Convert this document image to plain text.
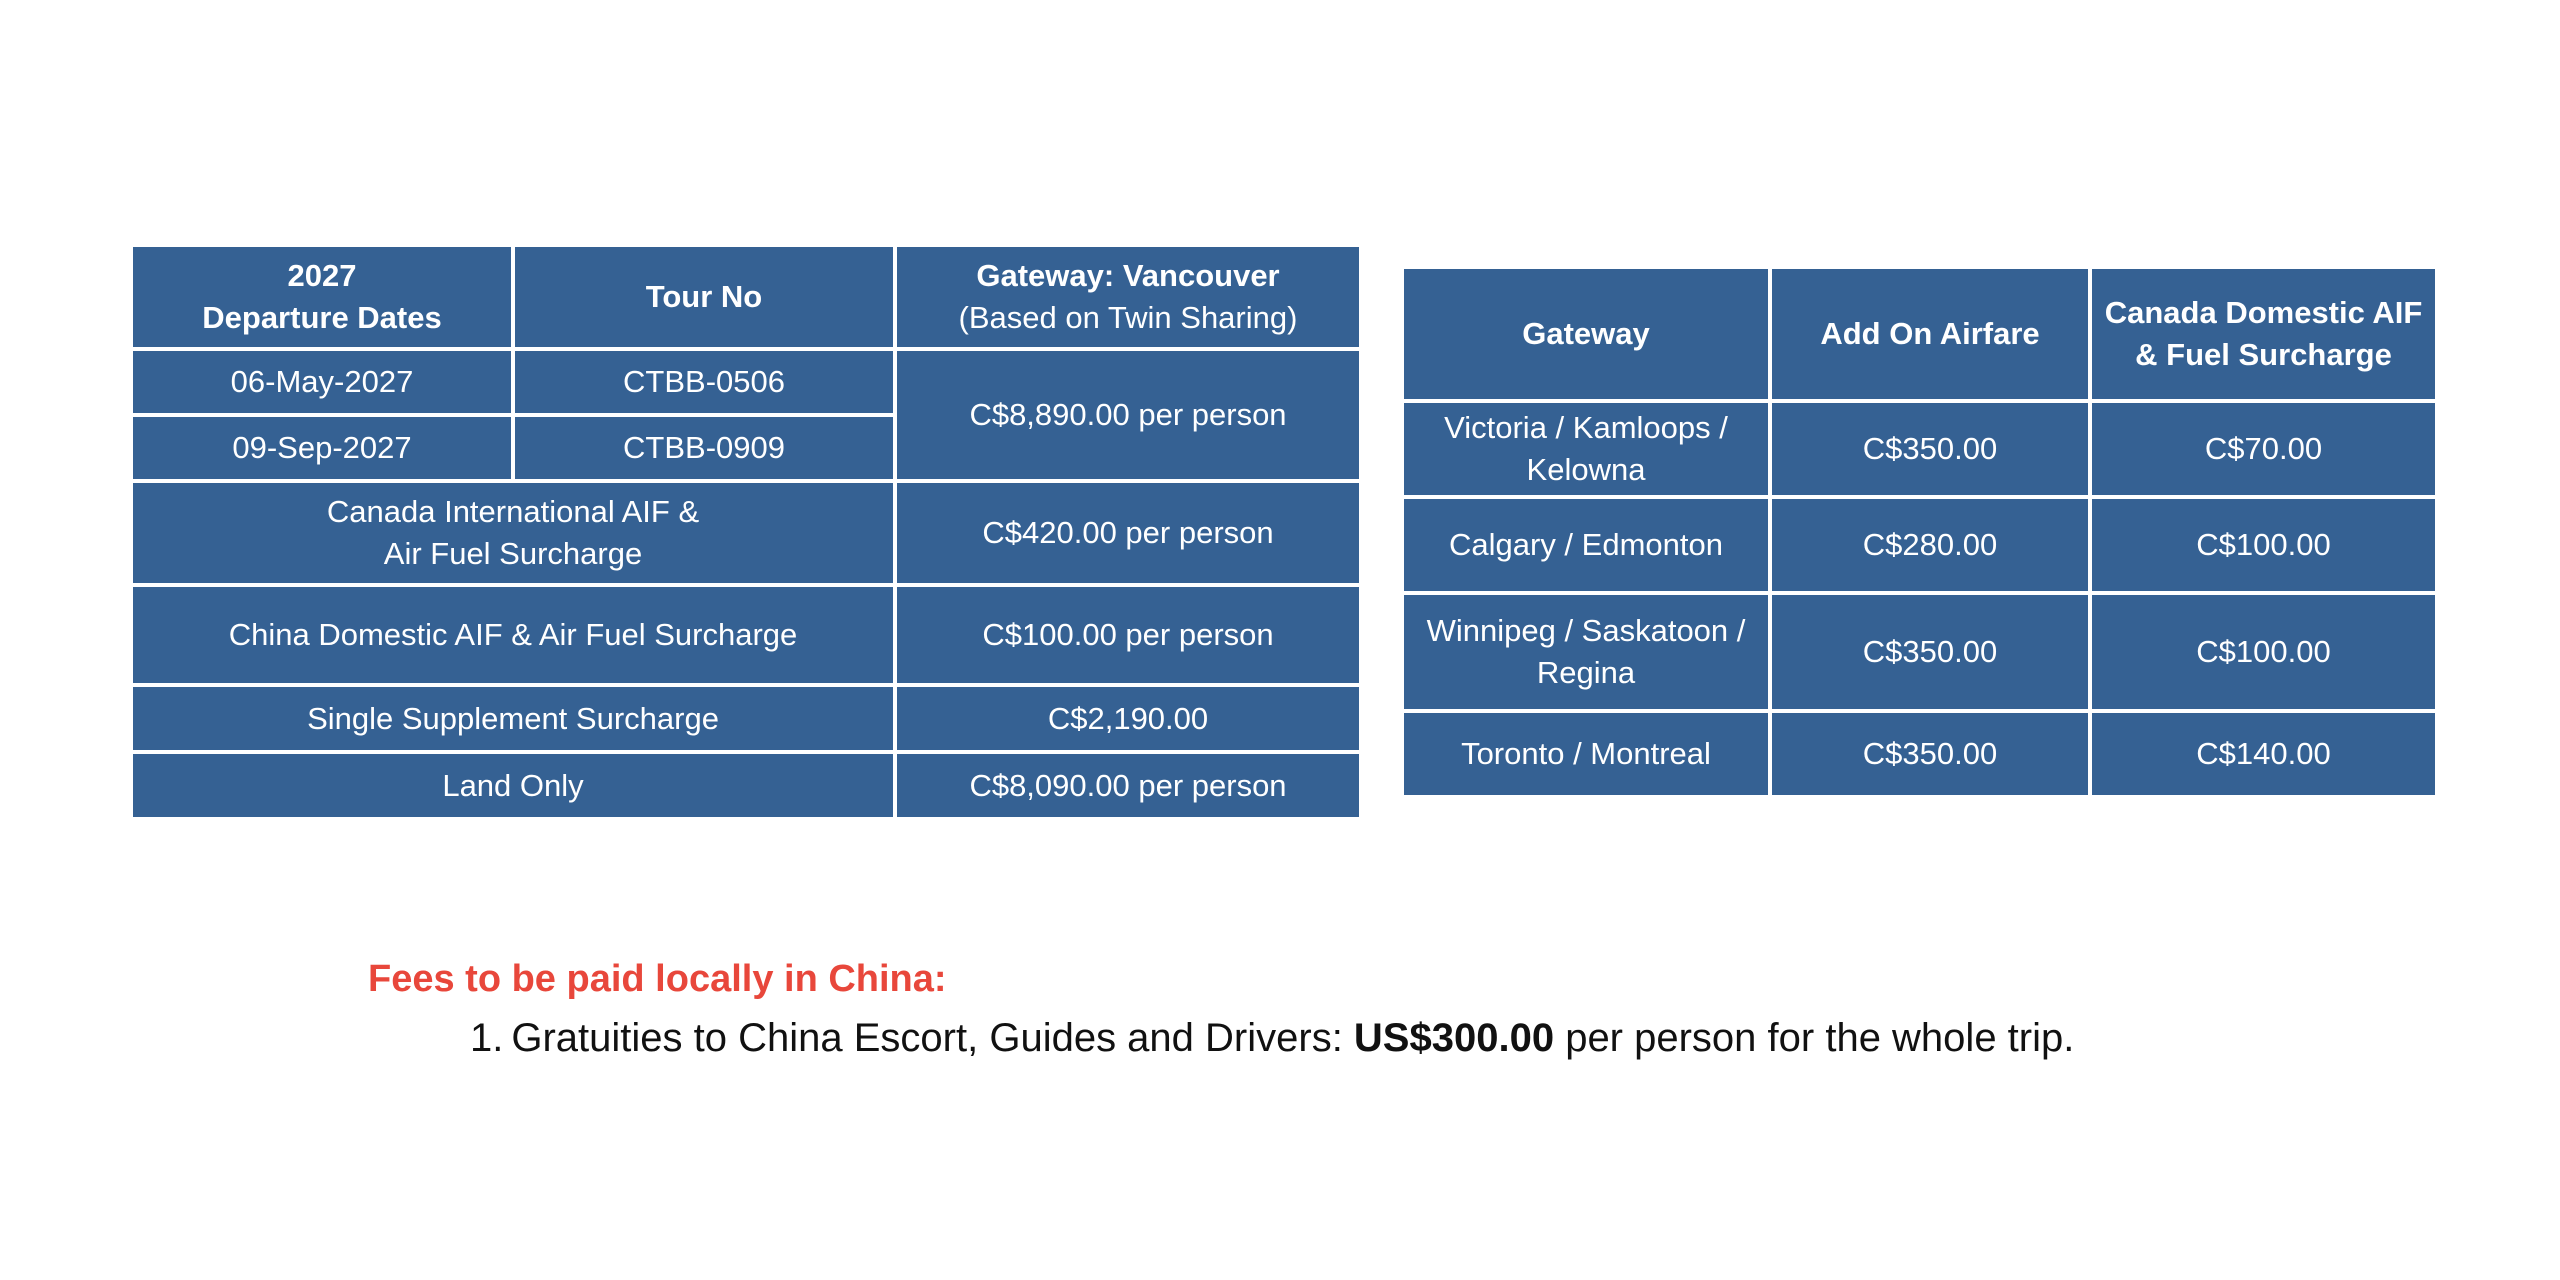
2027
Departure Dates	Tour No	Gateway: Vancouver
(Based on Twin Sharing)

06-May-2027	CTBB-0506	C$8,890.00 per person
09-Sep-2027	CTBB-0909	

Canada International AIF &
Air Fuel Surcharge		C$420.00 per person
China Domestic AIF & Air Fuel Surcharge		C$100.00 per person
Single Supplement Surcharge		C$2,190.00
Land Only		C$8,090.00 per person
Gateway	Add On Airfare	Canada Domestic AIF
& Fuel Surcharge

Victoria / Kamloops /
Kelowna	C$350.00	C$70.00

Calgary / Edmonton	C$280.00	C$100.00

Winnipeg / Saskatoon /
Regina	C$350.00	C$100.00

Toronto / Montreal	C$350.00	C$140.00

Fees to be paid locally in China:

1. Gratuities to China Escort, Guides and Drivers: US$300.00 per person for the whole trip.
